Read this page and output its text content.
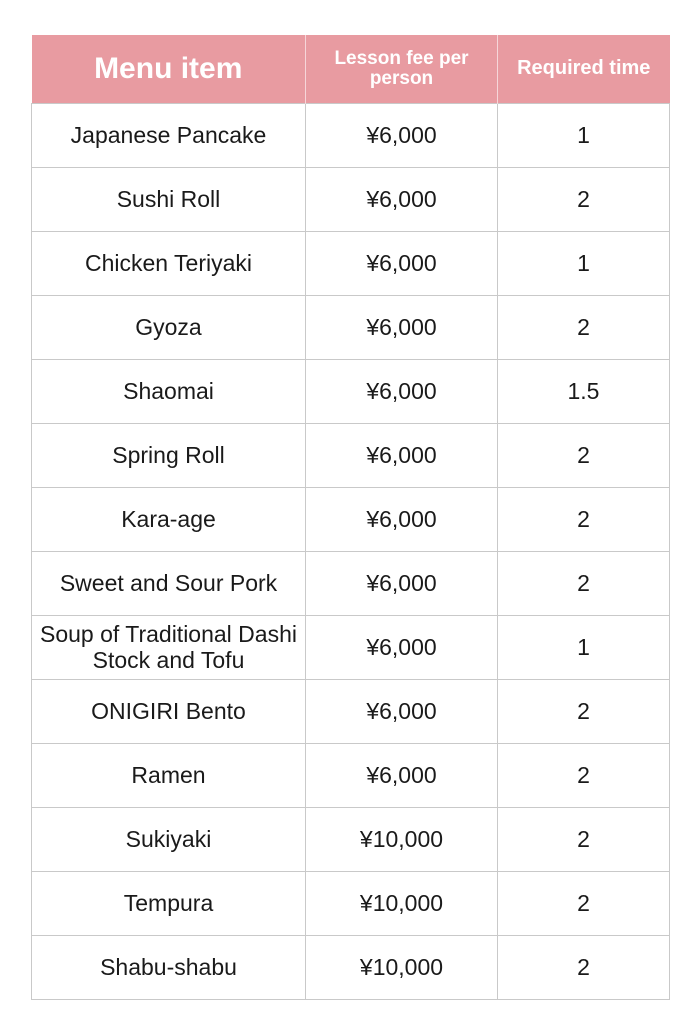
Menu item	Lesson fee per person	Required time
Japanese Pancake	¥6,000	1
Sushi Roll	¥6,000	2
Chicken Teriyaki	¥6,000	1
Gyoza	¥6,000	2
Shaomai	¥6,000	1.5
Spring Roll	¥6,000	2
Kara-age	¥6,000	2
Sweet and Sour Pork	¥6,000	2
Soup of Traditional Dashi Stock and Tofu	¥6,000	1
ONIGIRI Bento	¥6,000	2
Ramen	¥6,000	2
Sukiyaki	¥10,000	2
Tempura	¥10,000	2
Shabu-shabu	¥10,000	2
